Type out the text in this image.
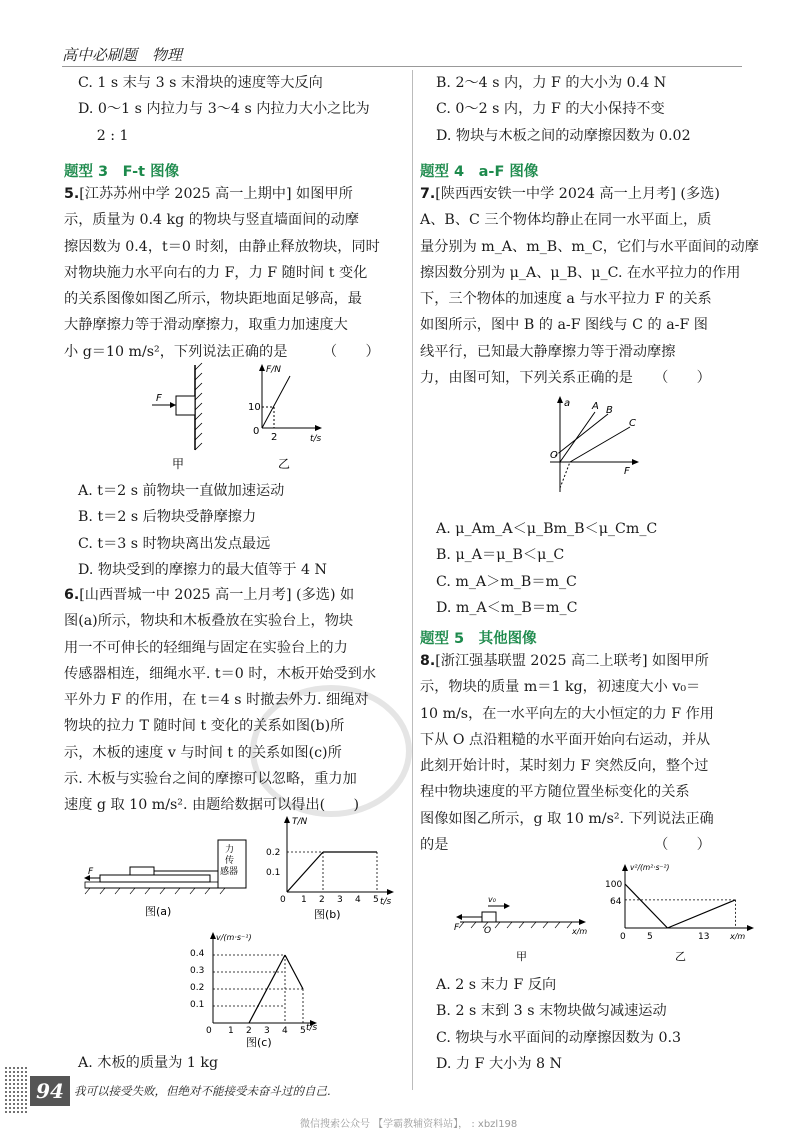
高中必刷题　物理
C. 1 s 末与 3 s 末滑块的速度等大反向
D. 0～1 s 内拉力与 3～4 s 内拉力大小之比为
　 2 : 1
题型 3　F-t 图像
5.[江苏苏州中学 2025 高一上期中] 如图甲所
示，质量为 0.4 kg 的物块与竖直墙面间的动摩
擦因数为 0.4，t＝0 时刻，由静止释放物块，同时
对物块施力水平向右的力 F，力 F 随时间 t 变化
的关系图像如图乙所示，物块距地面足够高，最
大静摩擦力等于滑动摩擦力，取重力加速度大
小 g＝10 m/s²，下列说法正确的是　　　（　　）
F
F/N
10
0
2	t/s
甲	乙
A. t＝2 s 前物块一直做加速运动
B. t＝2 s 后物块受静摩擦力
C. t＝3 s 时物块离出发点最远
D. 物块受到的摩擦力的最大值等于 4 N
6.[山西晋城一中 2025 高一上月考] (多选) 如
图(a)所示，物块和木板叠放在实验台上，物块
用一不可伸长的轻细绳与固定在实验台上的力
传感器相连，细绳水平. t＝0 时，木板开始受到水
平外力 F 的作用，在 t＝4 s 时撤去外力. 细绳对
物块的拉力 T 随时间 t 变化的关系如图(b)所
示，木板的速度 v 与时间 t 的关系如图(c)所
示. 木板与实验台之间的摩擦可以忽略，重力加
速度 g 取 10 m/s². 由题给数据可以得出(　　)
力
传
感器
F
图(a)
T/N
0.2
0.1
0 1 2 3 4 5 t/s
图(b)
v/(m·s⁻¹)
0.4
0.3
0.2
0.1
0 1 2 3 4 5 t/s
图(c)
A. 木板的质量为 1 kg
B. 2～4 s 内，力 F 的大小为 0.4 N
C. 0～2 s 内，力 F 的大小保持不变
D. 物块与木板之间的动摩擦因数为 0.02
题型 4　a-F 图像
7.[陕西西安铁一中学 2024 高一上月考] (多选)
A、B、C 三个物体均静止在同一水平面上，质
量分别为 m_A、m_B、m_C，它们与水平面间的动摩
擦因数分别为 μ_A、μ_B、μ_C. 在水平拉力的作用
下，三个物体的加速度 a 与水平拉力 F 的关系
如图所示，图中 B 的 a-F 图线与 C 的 a-F 图
线平行，已知最大静摩擦力等于滑动摩擦
力，由图可知，下列关系正确的是　　（　　）
a A B
C
O
F
A. μ_Am_A＜μ_Bm_B＜μ_Cm_C
B. μ_A＝μ_B＜μ_C
C. m_A＞m_B＝m_C
D. m_A＜m_B＝m_C
题型 5　其他图像
8.[浙江强基联盟 2025 高二上联考] 如图甲所
示，物块的质量 m＝1 kg，初速度大小 v₀＝
10 m/s，在一水平向左的大小恒定的力 F 作用
下从 O 点沿粗糙的水平面开始向右运动，并从
此刻开始计时，某时刻力 F 突然反向，整个过
程中物块速度的平方随位置坐标变化的关系
图像如图乙所示，g 取 10 m/s². 下列说法正确
的是　　　　　　　　　　　　　　　（　　）
v₀
F	O	x/m
甲
v²/(m²·s⁻²)
100
64
0 5	13	x/m
乙
A. 2 s 末力 F 反向
B. 2 s 末到 3 s 末物块做匀减速运动
C. 物块与水平面间的动摩擦因数为 0.3
D. 力 F 大小为 8 N
94 我可以接受失败，但绝对不能接受未奋斗过的自己.
微信搜索公众号 【学霸教辅资料站】， : xbzl198
